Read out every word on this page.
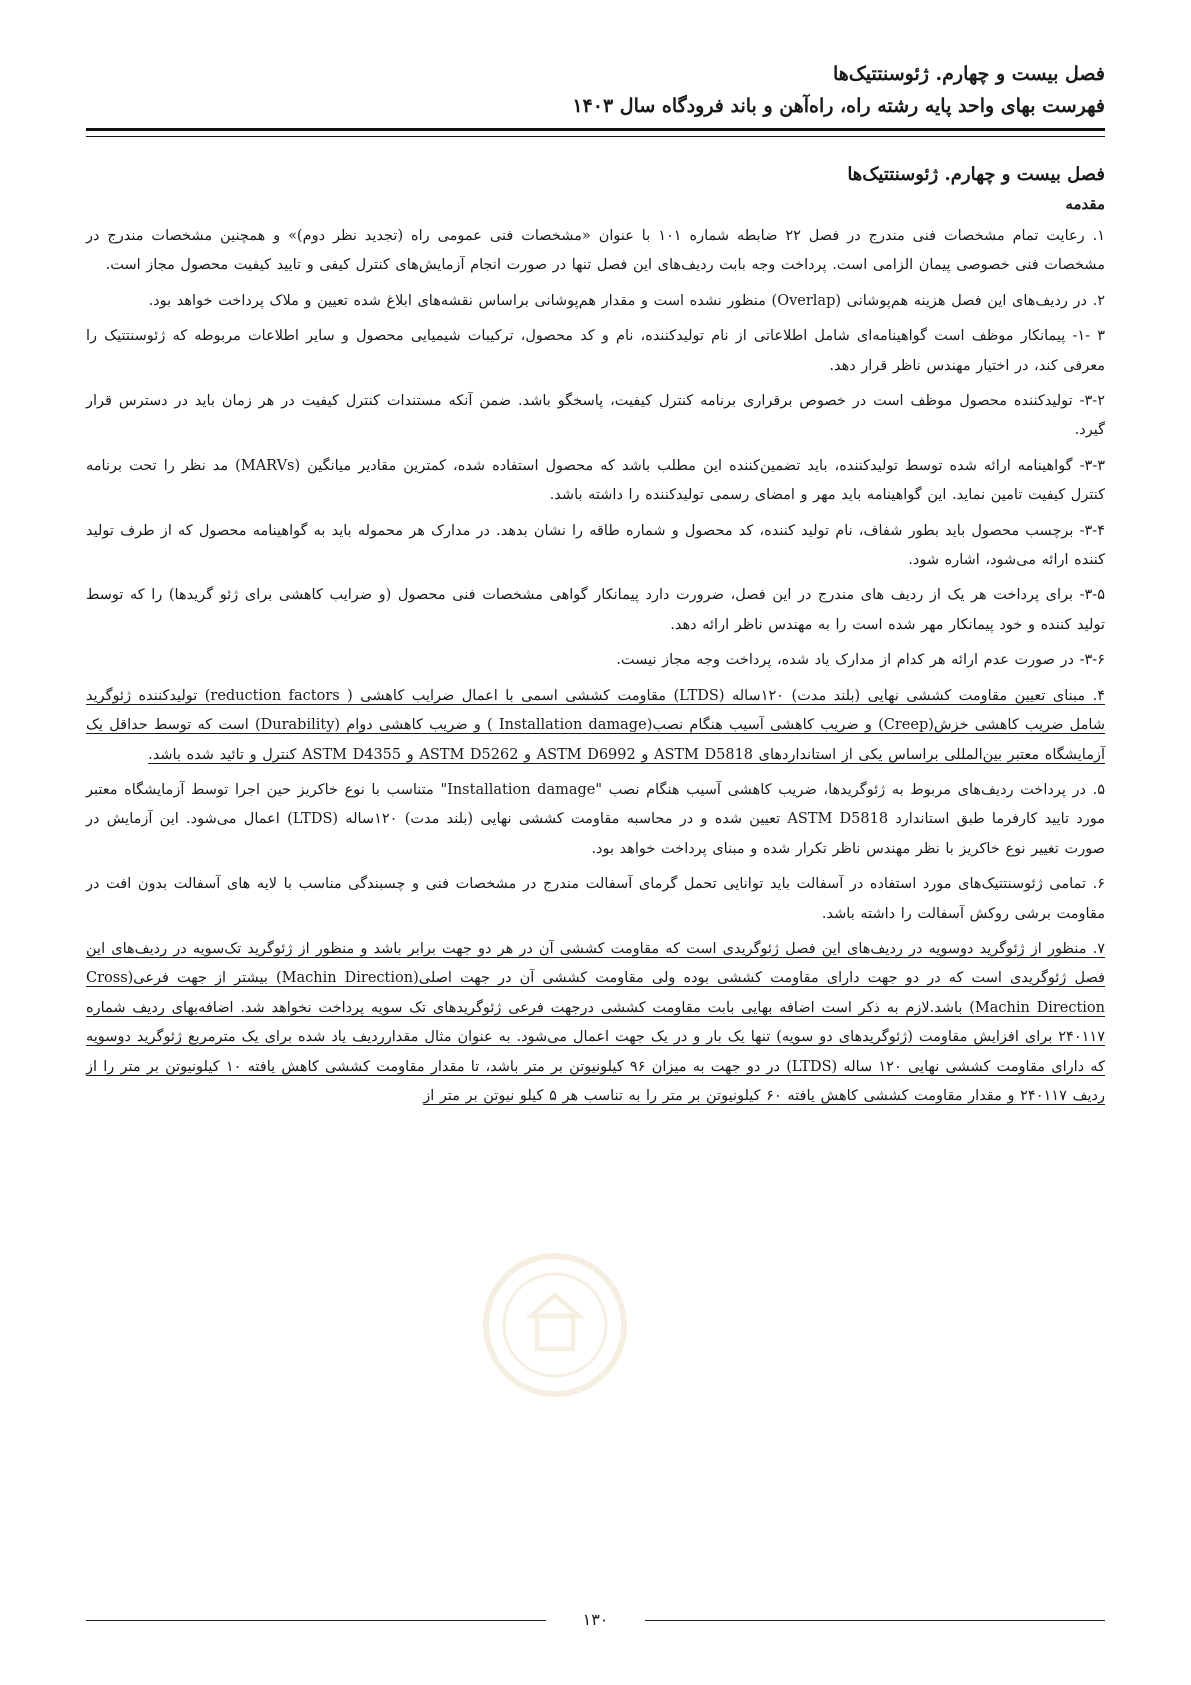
فصل بیست و چهارم. ژئوسنتتیک‌ها
فهرست بهای واحد پایه رشته راه، راه‌آهن و باند فرودگاه سال ۱۴۰۳
فصل بیست و چهارم. ژئوسنتتیک‌ها
مقدمه

۱. رعایت تمام مشخصات فنی مندرج در فصل ۲۲ ضابطه شماره ۱۰۱ با عنوان «مشخصات فنی عمومی راه (تجدید نظر دوم)» و همچنین مشخصات مندرج در مشخصات فنی خصوصی پیمان الزامی است. پرداخت وجه بابت ردیف‌های این فصل تنها در صورت انجام آزمایش‌های کنترل کیفی و تایید کیفیت محصول مجاز است.

۲. در ردیف‌های این فصل هزینه هم‌پوشانی (Overlap) منظور نشده است و مقدار هم‌پوشانی براساس نقشه‌های ابلاغ شده تعیین و ملاک پرداخت خواهد بود.

۳ -۱- پیمانکار موظف است گواهینامه‌ای شامل اطلاعاتی از نام تولیدکننده، نام و کد محصول، ترکیبات شیمیایی محصول و سایر اطلاعات مربوطه که ژئوسنتتیک را معرفی کند، در اختیار مهندس ناظر قرار دهد.

۳-۲- تولیدکننده محصول موظف است در خصوص برقراری برنامه کنترل کیفیت، پاسخگو باشد. ضمن آنکه مستندات کنترل کیفیت در هر زمان باید در دسترس قرار گیرد.

۳-۳- گواهینامه ارائه شده توسط تولیدکننده، باید تضمین‌کننده این مطلب باشد که محصول استفاده شده، کمترین مقادیر میانگین (MARVs) مد نظر را تحت برنامه کنترل کیفیت تامین نماید. این گواهینامه باید مهر و امضای رسمی تولیدکننده را داشته باشد.

۳-۴- برچسب محصول باید بطور شفاف، نام تولید کننده، کد محصول و شماره طاقه را نشان بدهد. در مدارک هر محموله باید به گواهینامه محصول که از طرف تولید کننده ارائه می‌شود، اشاره شود.

۳-۵- برای پرداخت هر یک از ردیف های مندرج در این فصل، ضرورت دارد پیمانکار گواهی مشخصات فنی محصول (و ضرایب کاهشی برای ژئو گریدها) را که توسط تولید کننده و خود پیمانکار مهر شده است را به مهندس ناظر ارائه دهد.

۳-۶- در صورت عدم ارائه هر کدام از مدارک یاد شده، پرداخت وجه مجاز نیست.

۴. مبنای تعیین مقاومت کششی نهایی (بلند مدت) ۱۲۰ساله (LTDS) مقاومت کششی اسمی با اعمال ضرایب کاهشی ( reduction factors) تولیدکننده ژئوگرید شامل ضریب کاهشی خزش(Creep) و ضریب کاهشی آسیب هنگام نصب(Installation damage ) و ضریب کاهشی دوام (Durability) است که توسط حداقل یک آزمایشگاه معتبر بین‌المللی براساس یکی از استانداردهای ASTM D5818 و ASTM D6992 و ASTM D5262 و ASTM D4355 کنترل و تائید شده باشد.

۵. در پرداخت ردیف‌های مربوط به ژئوگریدها، ضریب کاهشی آسیب هنگام نصب "Installation damage" متناسب با نوع خاکریز حین اجرا توسط آزمایشگاه معتبر مورد تایید کارفرما طبق استاندارد ASTM D5818 تعیین شده و در محاسبه مقاومت کششی نهایی (بلند مدت) ۱۲۰ساله (LTDS) اعمال می‌شود. این آزمایش در صورت تغییر نوع خاکریز با نظر مهندس ناظر تکرار شده و مبنای پرداخت خواهد بود.

۶. تمامی ژئوسنتتیک‌های مورد استفاده در آسفالت باید توانایی تحمل گرمای آسفالت مندرج در مشخصات فنی و چسبندگی مناسب با لایه های آسفالت بدون افت در مقاومت برشی روکش آسفالت را داشته باشد.

۷. منظور از ژئوگرید دوسویه در ردیف‌های این فصل ژئوگریدی است که مقاومت کششی آن در هر دو جهت برابر باشد و منظور از ژئوگرید تک‌سویه در ردیف‌های این فصل ژئوگریدی است که در دو جهت دارای مقاومت کششی بوده ولی مقاومت کششی آن در جهت اصلی(Machin Direction) بیشتر از جهت فرعی(Cross Machin Direction) باشد.لازم به ذکر است اضافه بهایی بابت مقاومت کششی درجهت فرعی ژئوگریدهای تک سویه پرداخت نخواهد شد. اضافه‌بهای ردیف شماره ۲۴۰۱۱۷ برای افزایش مقاومت (ژئوگریدهای دو سویه) تنها یک بار و در یک جهت اعمال می‌شود. به عنوان مثال مقدارردیف یاد شده برای یک مترمربع ژئوگرید دوسویه که دارای مقاومت کششی نهایی ۱۲۰ ساله (LTDS) در دو جهت به میزان ۹۶ کیلونیوتن بر متر باشد، تا مقدار مقاومت کششی کاهش یافته ۱۰ کیلونیوتن بر متر را از ردیف ۲۴۰۱۱۷ و مقدار مقاومت کششی کاهش یافته ۶۰ کیلونیوتن بر متر را به تناسب هر ۵ کیلو نیوتن بر متر از

۱۳۰
